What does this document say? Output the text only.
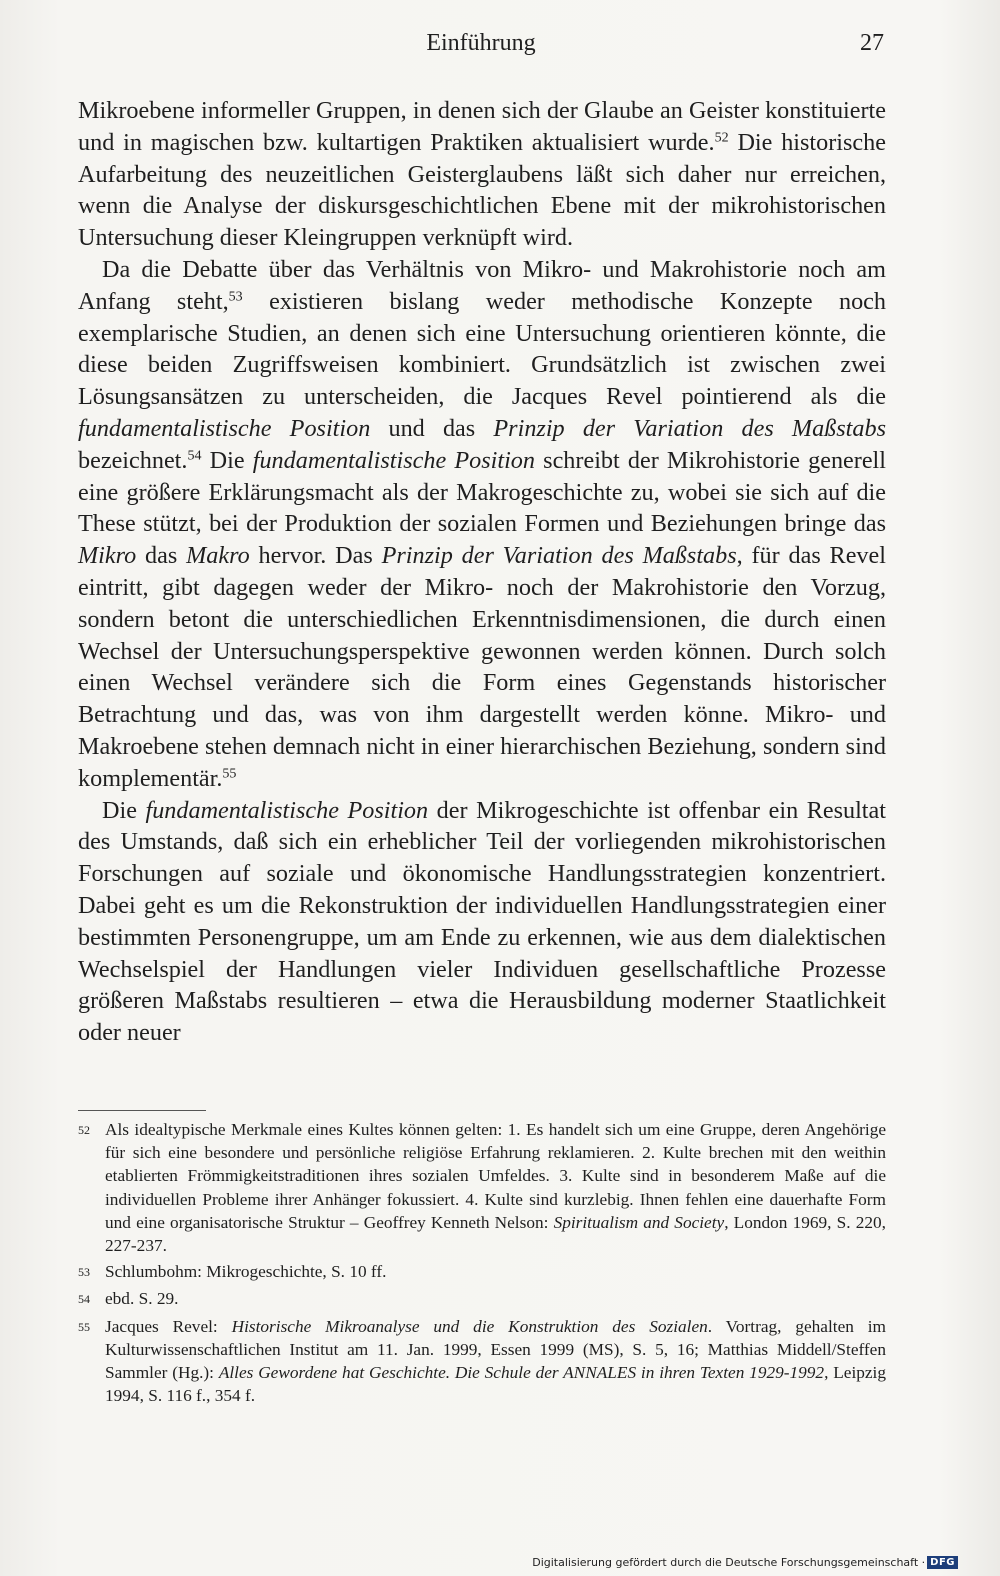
Einführung	27

Mikroebene informeller Gruppen, in denen sich der Glaube an Geister konstituierte und in magischen bzw. kultartigen Praktiken aktualisiert wurde.$^{52}$ Die historische Aufarbeitung des neuzeitlichen Geisterglaubens läßt sich daher nur erreichen, wenn die Analyse der diskursgeschichtlichen Ebene mit der mikrohistorischen Untersuchung dieser Kleingruppen verknüpft wird.

Da die Debatte über das Verhältnis von Mikro- und Makrohistorie noch am Anfang steht,$^{53}$ existieren bislang weder methodische Konzepte noch exemplarische Studien, an denen sich eine Untersuchung orientieren könnte, die diese beiden Zugriffsweisen kombiniert. Grundsätzlich ist zwischen zwei Lösungsansätzen zu unterscheiden, die Jacques Revel pointierend als die fundamentalistische Position und das Prinzip der Variation des Maßstabs bezeichnet.$^{54}$ Die fundamentalistische Position schreibt der Mikrohistorie generell eine größere Erklärungsmacht als der Makrogeschichte zu, wobei sie sich auf die These stützt, bei der Produktion der sozialen Formen und Beziehungen bringe das Mikro das Makro hervor. Das Prinzip der Variation des Maßstabs, für das Revel eintritt, gibt dagegen weder der Mikro- noch der Makrohistorie den Vorzug, sondern betont die unterschiedlichen Erkenntnisdimensionen, die durch einen Wechsel der Untersuchungsperspektive gewonnen werden können. Durch solch einen Wechsel verändere sich die Form eines Gegenstands historischer Betrachtung und das, was von ihm dargestellt werden könne. Mikro- und Makroebene stehen demnach nicht in einer hierarchischen Beziehung, sondern sind komplementär.$^{55}$

Die fundamentalistische Position der Mikrogeschichte ist offenbar ein Resultat des Umstands, daß sich ein erheblicher Teil der vorliegenden mikrohistorischen Forschungen auf soziale und ökonomische Handlungsstrategien konzentriert. Dabei geht es um die Rekonstruktion der individuellen Handlungsstrategien einer bestimmten Personengruppe, um am Ende zu erkennen, wie aus dem dialektischen Wechselspiel der Handlungen vieler Individuen gesellschaftliche Prozesse größeren Maßstabs resultieren – etwa die Herausbildung moderner Staatlichkeit oder neuer

52 Als idealtypische Merkmale eines Kultes können gelten: 1. Es handelt sich um eine Gruppe, deren Angehörige für sich eine besondere und persönliche religiöse Erfahrung reklamieren. 2. Kulte brechen mit den weithin etablierten Frömmigkeitstraditionen ihres sozialen Umfeldes. 3. Kulte sind in besonderem Maße auf die individuellen Probleme ihrer Anhänger fokussiert. 4. Kulte sind kurzlebig. Ihnen fehlen eine dauerhafte Form und eine organisatorische Struktur – Geoffrey Kenneth Nelson: Spiritualism and Society, London 1969, S. 220, 227-237.
53 Schlumbohm: Mikrogeschichte, S. 10 ff.
54 ebd. S. 29.
55 Jacques Revel: Historische Mikroanalyse und die Konstruktion des Sozialen. Vortrag, gehalten im Kulturwissenschaftlichen Institut am 11. Jan. 1999, Essen 1999 (MS), S. 5, 16; Matthias Middell/Steffen Sammler (Hg.): Alles Gewordene hat Geschichte. Die Schule der ANNALES in ihren Texten 1929-1992, Leipzig 1994, S. 116 f., 354 f.
Digitalisierung gefördert durch die Deutsche Forschungsgemeinschaft · DFG
